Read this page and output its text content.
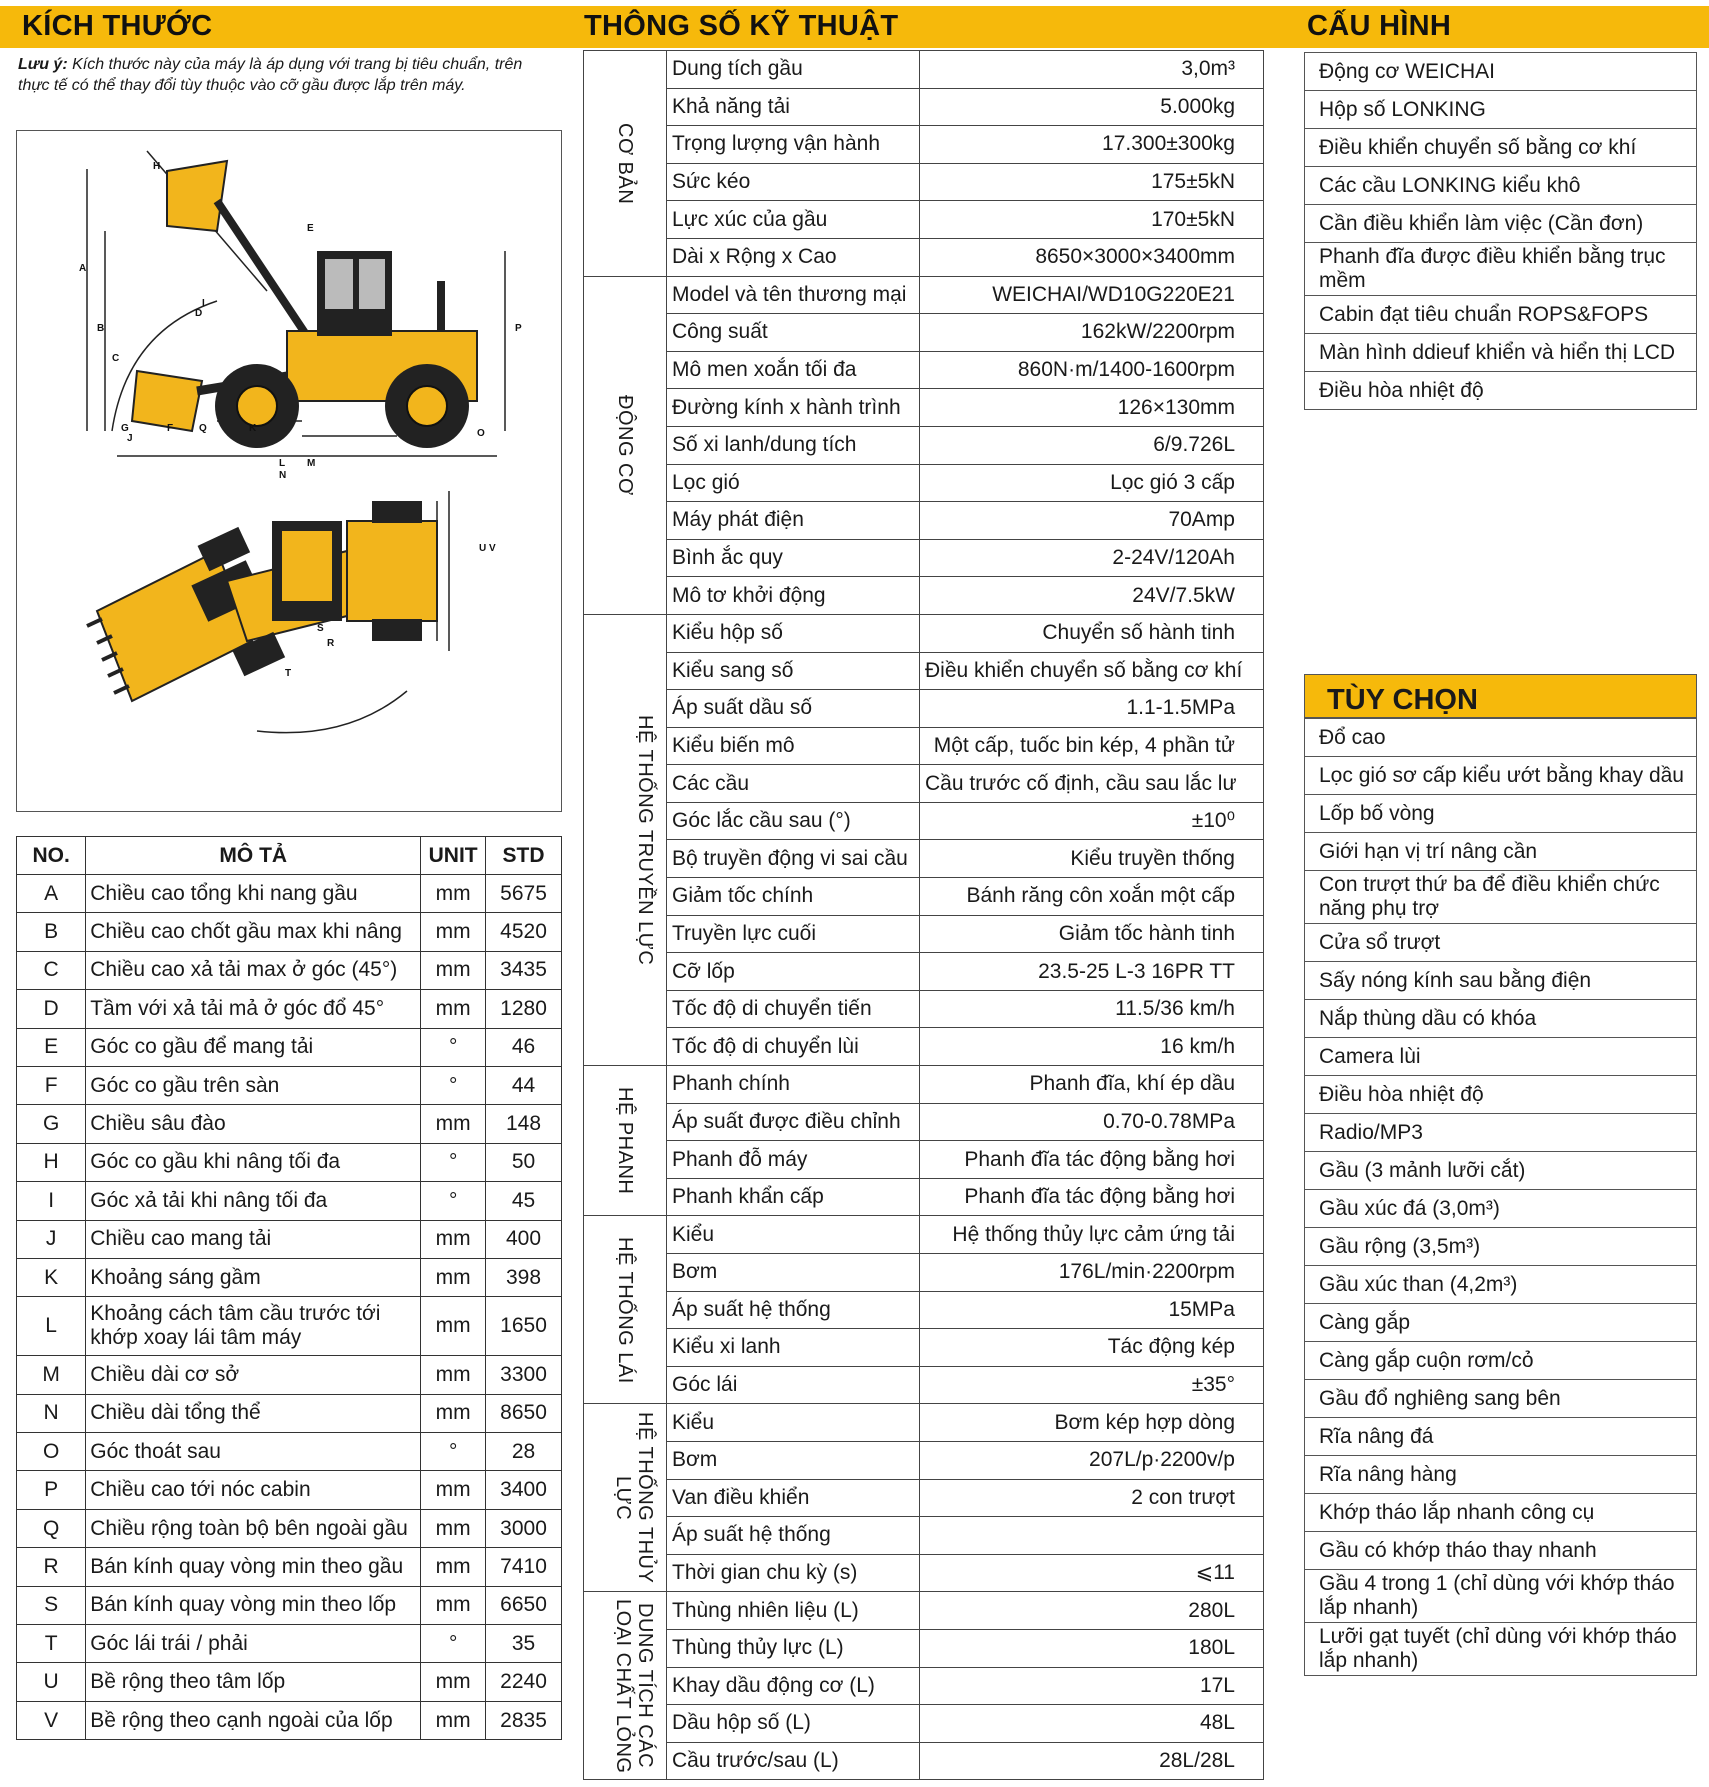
KÍCH THƯỚC	THÔNG SỐ KỸ THUẬT	CẤU HÌNH
Lưu ý: Kích thước này của máy là áp dụng với trang bị tiêu chuẩn, trên thực tế có thể thay đổi tùy thuộc vào cỡ gầu được lắp trên máy.
A
B
C
D
E
F
G
H
I
J
K
L M
N
O
P
Q
R
S
T
U V
NO.	MÔ TẢ	UNIT	STD
A	Chiều cao tổng khi nang gầu	mm	5675
B	Chiều cao chốt gầu max khi nâng	mm	4520
C	Chiều cao xả tải max ở góc (45°)	mm	3435
D	Tầm với xả tải mả ở góc đổ 45°	mm	1280
E	Góc co gầu để mang tải	°	46
F	Góc co gầu trên sàn	°	44
G	Chiều sâu đào	mm	148
H	Góc co gầu khi nâng tối đa	°	50
I	Góc xả tải khi nâng tối đa	°	45
J	Chiều cao mang tải	mm	400
K	Khoảng sáng gầm	mm	398
L	Khoảng cách tâm cầu trước tới khớp xoay lái tâm máy	mm	1650
M	Chiều dài cơ sở	mm	3300
N	Chiều dài tổng thể	mm	8650
O	Góc thoát sau	°	28
P	Chiều cao tới nóc cabin	mm	3400
Q	Chiều rộng toàn bộ bên ngoài gầu	mm	3000
R	Bán kính quay vòng min theo gầu	mm	7410
S	Bán kính quay vòng min theo lốp	mm	6650
T	Góc lái trái / phải	°	35
U	Bề rộng theo tâm lốp	mm	2240
V	Bề rộng theo cạnh ngoài của lốp	mm	2835
CƠ BẢN	Dung tích gầu	3,0m³
	Khả năng tải	5.000kg
	Trọng lượng vận hành	17.300±300kg
	Sức kéo	175±5kN
	Lực xúc của gầu	170±5kN
	Dài x Rộng x Cao	8650×3000×3400mm

ĐỘNG CƠ	Model và tên thương mại	WEICHAI/WD10G220E21
	Công suất	162kW/2200rpm
	Mô men xoắn tối đa	860N·m/1400-1600rpm
	Đường kính x hành trình	126×130mm
	Số xi lanh/dung tích	6/9.726L
	Lọc gió	Lọc gió 3 cấp
	Máy phát điện	70Amp
	Bình ắc quy	2-24V/120Ah
	Mô tơ khởi động	24V/7.5kW

HỆ THỐNG TRUYỀN LỰC	Kiểu hộp số	Chuyển số hành tinh
	Kiểu sang số	Điều khiển chuyển số bằng cơ khí
	Áp suất dầu số	1.1-1.5MPa
	Kiểu biến mô	Một cấp, tuốc bin kép, 4 phần tử
	Các cầu	Cầu trước cố định, cầu sau lắc lư
	Góc lắc cầu sau (°)	±10⁰
	Bộ truyền động vi sai cầu	Kiểu truyền thống
	Giảm tốc chính	Bánh răng côn xoắn một cấp
	Truyền lực cuối	Giảm tốc hành tinh
	Cỡ lốp	23.5-25 L-3 16PR TT
	Tốc độ di chuyển tiến	11.5/36 km/h
	Tốc độ di chuyển lùi	16 km/h

HỆ PHANH	Phanh chính	Phanh đĩa, khí ép dầu
	Áp suất được điều chỉnh	0.70-0.78MPa
	Phanh đỗ máy	Phanh đĩa tác động bằng hơi
	Phanh khẩn cấp	Phanh đĩa tác động bằng hơi

HỆ THỐNG LÁI	Kiểu	Hệ thống thủy lực cảm ứng tải
	Bơm	176L/min·2200rpm
	Áp suất hệ thống	15MPa
	Kiểu xi lanh	Tác động kép
	Góc lái	±35°

HỆ THỐNG THỦY LỰC	Kiểu	Bơm kép hợp dòng
	Bơm	207L/p·2200v/p
	Van điều khiển	2 con trượt
	Áp suất hệ thống	
	Thời gian chu kỳ (s)	⩽11

DUNG TÍCH CÁC LOẠI CHẤT LỎNG	Thùng nhiên liệu (L)	280L
	Thùng thủy lực (L)	180L
	Khay dầu động cơ (L)	17L
	Dầu hộp số (L)	48L
	Cầu trước/sau (L)	28L/28L
Động cơ WEICHAI
Hộp số LONKING
Điều khiển chuyển số bằng cơ khí
Các cầu LONKING kiểu khô
Cần điều khiển làm việc (Cần đơn)
Phanh đĩa được điều khiển bằng trục mềm
Cabin đạt tiêu chuẩn ROPS&FOPS
Màn hình ddieuf khiển và hiển thị LCD
Điều hòa nhiệt độ
TÙY CHỌN
Đổ cao
Lọc gió sơ cấp kiểu ướt bằng khay dầu
Lốp bố vòng
Giới hạn vị trí nâng cần
Con trượt thứ ba để điều khiển chức năng phụ trợ
Cửa sổ trượt
Sấy nóng kính sau bằng điện
Nắp thùng dầu có khóa
Camera lùi
Điều hòa nhiệt độ
Radio/MP3
Gầu (3 mảnh lưỡi cắt)
Gầu xúc đá (3,0m³)
Gầu rộng (3,5m³)
Gầu xúc than (4,2m³)
Càng gắp
Càng gắp cuộn rơm/cỏ
Gầu đổ nghiêng sang bên
Rĩa nâng đá
Rĩa nâng hàng
Khớp tháo lắp nhanh công cụ
Gầu có khớp tháo thay nhanh
Gầu 4 trong 1 (chỉ dùng với khớp tháo lắp nhanh)
Lưỡi gạt tuyết (chỉ dùng với khớp tháo lắp nhanh)
